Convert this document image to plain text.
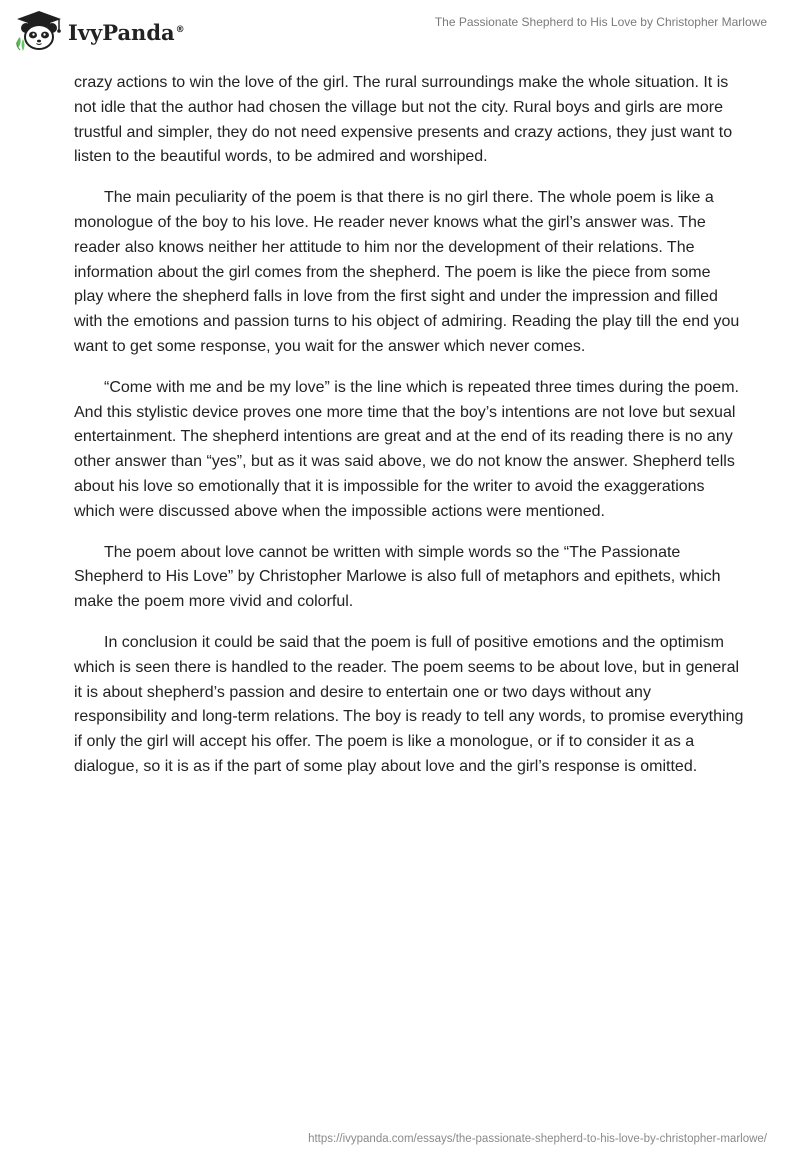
IvyPanda®
The Passionate Shepherd to His Love by Christopher Marlowe

crazy actions to win the love of the girl. The rural surroundings make the whole situation. It is not idle that the author had chosen the village but not the city. Rural boys and girls are more trustful and simpler, they do not need expensive presents and crazy actions, they just want to listen to the beautiful words, to be admired and worshiped.

The main peculiarity of the poem is that there is no girl there. The whole poem is like a monologue of the boy to his love. He reader never knows what the girl’s answer was. The reader also knows neither her attitude to him nor the development of their relations. The information about the girl comes from the shepherd. The poem is like the piece from some play where the shepherd falls in love from the first sight and under the impression and filled with the emotions and passion turns to his object of admiring. Reading the play till the end you want to get some response, you wait for the answer which never comes.

“Come with me and be my love” is the line which is repeated three times during the poem. And this stylistic device proves one more time that the boy’s intentions are not love but sexual entertainment. The shepherd intentions are great and at the end of its reading there is no any other answer than “yes”, but as it was said above, we do not know the answer. Shepherd tells about his love so emotionally that it is impossible for the writer to avoid the exaggerations which were discussed above when the impossible actions were mentioned.

The poem about love cannot be written with simple words so the “The Passionate Shepherd to His Love” by Christopher Marlowe is also full of metaphors and epithets, which make the poem more vivid and colorful.

In conclusion it could be said that the poem is full of positive emotions and the optimism which is seen there is handled to the reader. The poem seems to be about love, but in general it is about shepherd’s passion and desire to entertain one or two days without any responsibility and long-term relations. The boy is ready to tell any words, to promise everything if only the girl will accept his offer. The poem is like a monologue, or if to consider it as a dialogue, so it is as if the part of some play about love and the girl’s response is omitted.

https://ivypanda.com/essays/the-passionate-shepherd-to-his-love-by-christopher-marlowe/
